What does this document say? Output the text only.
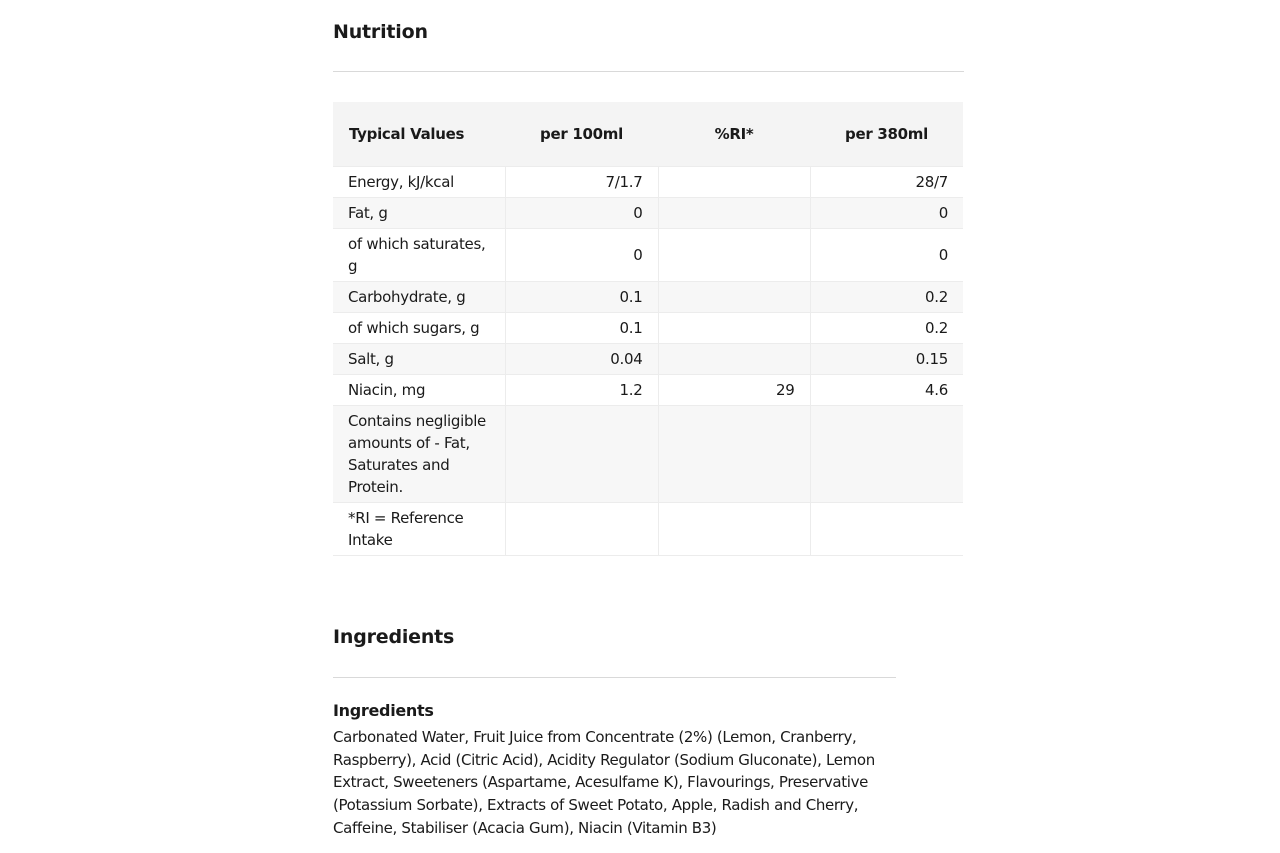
Nutrition
Typical Values	per 100ml	%RI*	per 380ml
Energy, kJ/kcal	7/1.7		28/7
Fat, g	0		0
of which saturates, g	0		0
Carbohydrate, g	0.1		0.2
of which sugars, g	0.1		0.2
Salt, g	0.04		0.15
Niacin, mg	1.2	29	4.6
Contains negligible amounts of - Fat, Saturates and Protein.			
*RI = Reference Intake			
Ingredients
Ingredients

Carbonated Water, Fruit Juice from Concentrate (2%) (Lemon, Cranberry, Raspberry), Acid (Citric Acid), Acidity Regulator (Sodium Gluconate), Lemon Extract, Sweeteners (Aspartame, Acesulfame K), Flavourings, Preservative (Potassium Sorbate), Extracts of Sweet Potato, Apple, Radish and Cherry, Caffeine, Stabiliser (Acacia Gum), Niacin (Vitamin B3)
